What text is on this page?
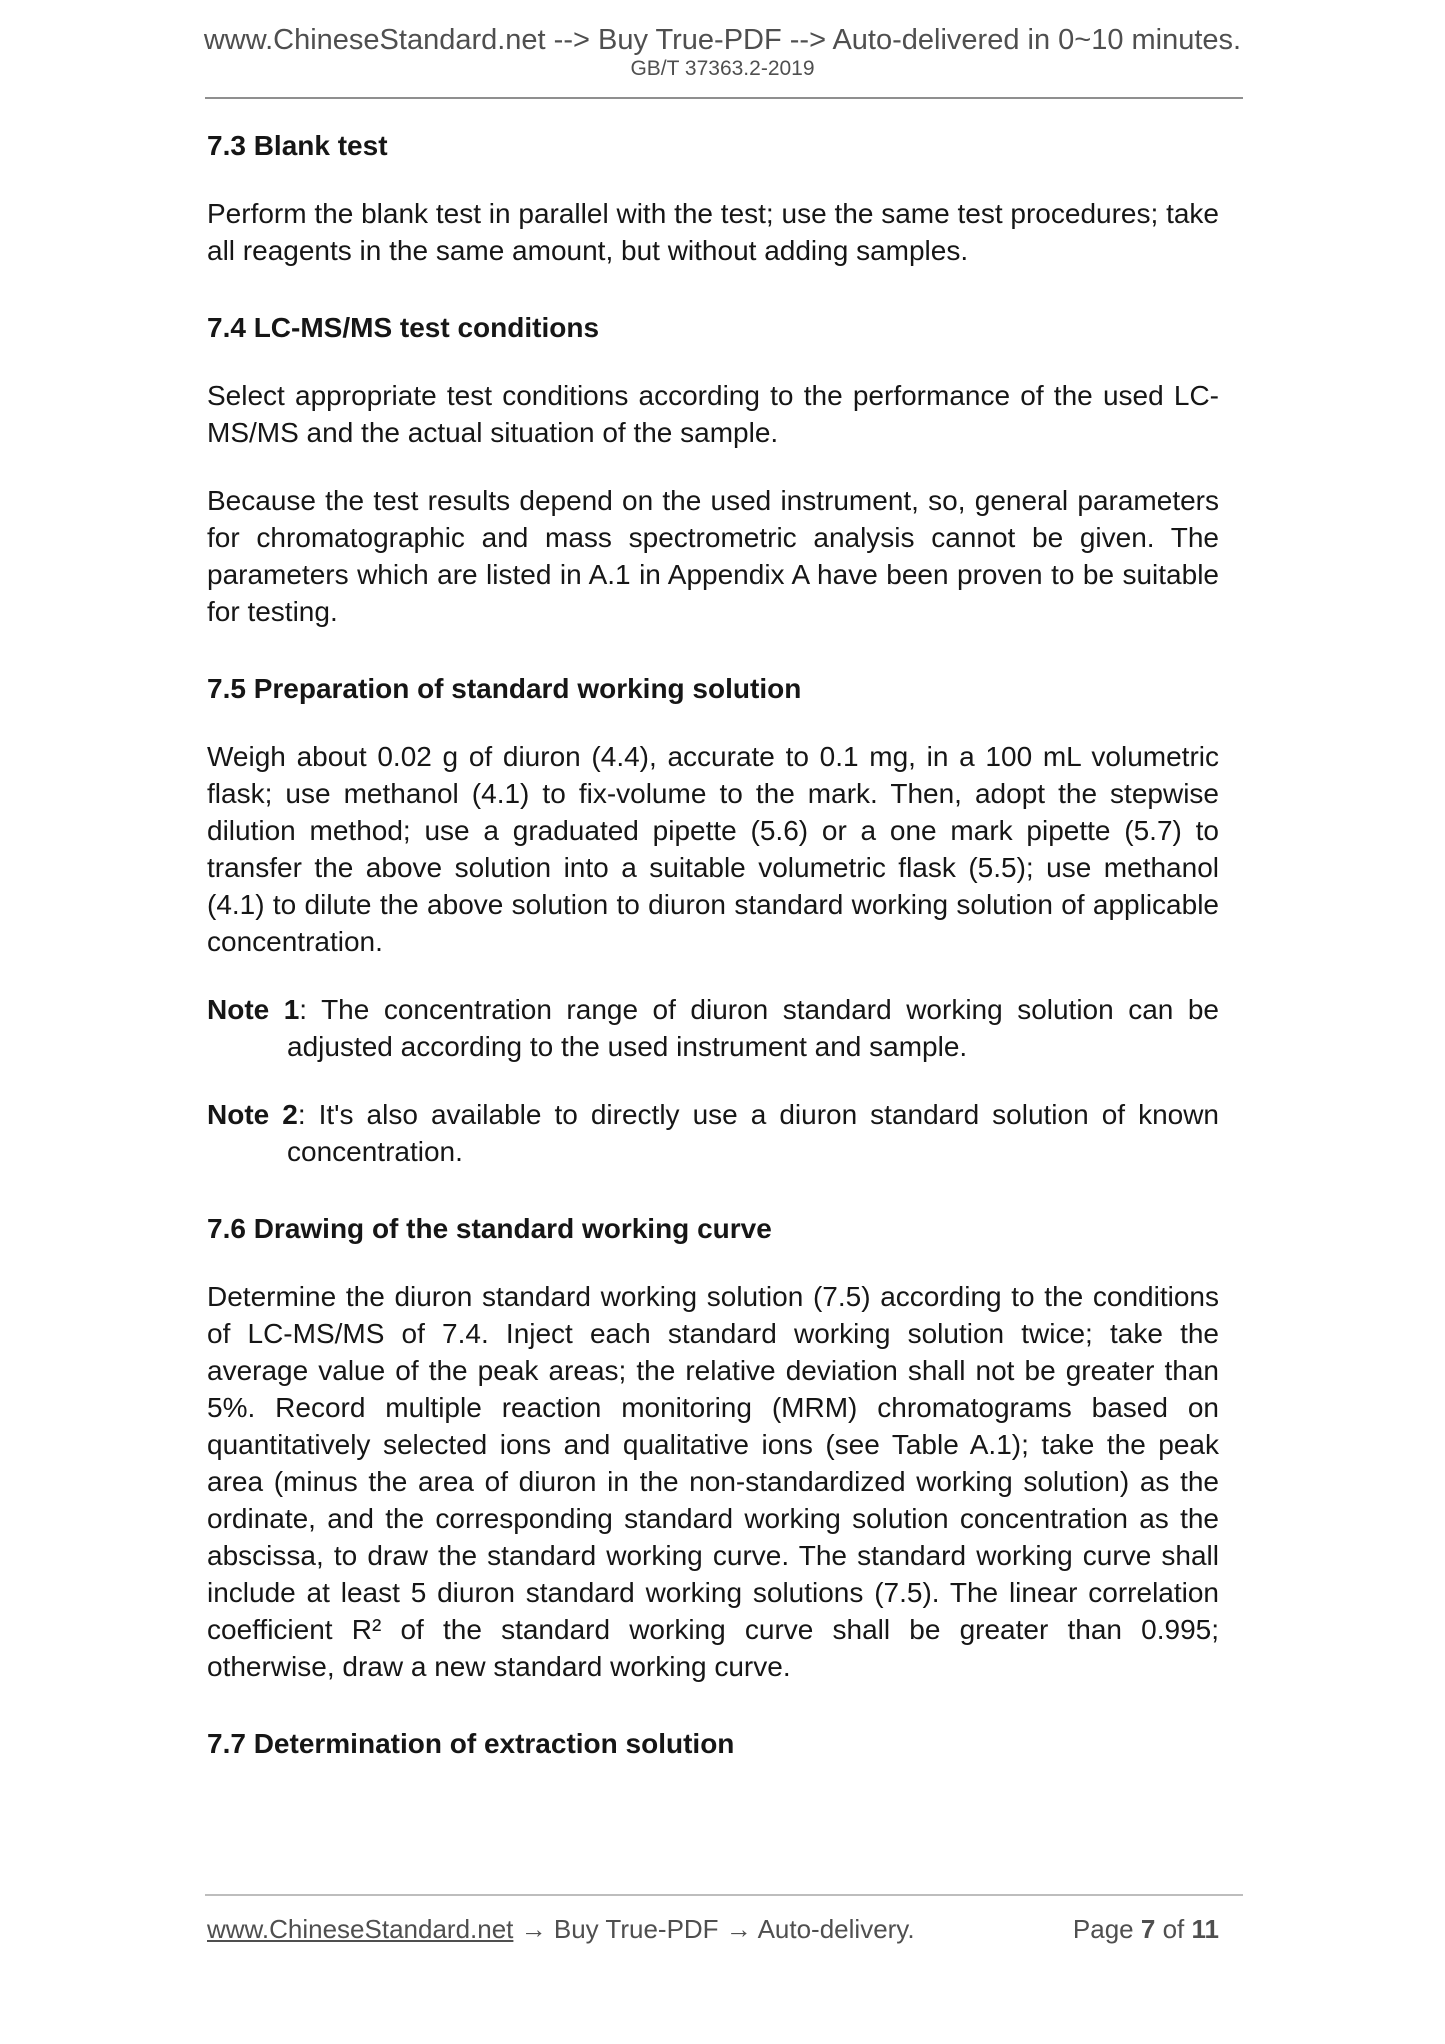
www.ChineseStandard.net --> Buy True-PDF --> Auto-delivered in 0~10 minutes.
GB/T 37363.2-2019
7.3 Blank test

Perform the blank test in parallel with the test; use the same test procedures; take all reagents in the same amount, but without adding samples.

7.4 LC-MS/MS test conditions

Select appropriate test conditions according to the performance of the used LC-MS/MS and the actual situation of the sample.

Because the test results depend on the used instrument, so, general parameters for chromatographic and mass spectrometric analysis cannot be given. The parameters which are listed in A.1 in Appendix A have been proven to be suitable for testing.

7.5 Preparation of standard working solution

Weigh about 0.02 g of diuron (4.4), accurate to 0.1 mg, in a 100 mL volumetric flask; use methanol (4.1) to fix-volume to the mark. Then, adopt the stepwise dilution method; use a graduated pipette (5.6) or a one mark pipette (5.7) to transfer the above solution into a suitable volumetric flask (5.5); use methanol (4.1) to dilute the above solution to diuron standard working solution of applicable concentration.

Note 1: The concentration range of diuron standard working solution can be adjusted according to the used instrument and sample.

Note 2: It's also available to directly use a diuron standard solution of known concentration.

7.6 Drawing of the standard working curve

Determine the diuron standard working solution (7.5) according to the conditions of LC-MS/MS of 7.4. Inject each standard working solution twice; take the average value of the peak areas; the relative deviation shall not be greater than 5%. Record multiple reaction monitoring (MRM) chromatograms based on quantitatively selected ions and qualitative ions (see Table A.1); take the peak area (minus the area of diuron in the non-standardized working solution) as the ordinate, and the corresponding standard working solution concentration as the abscissa, to draw the standard working curve. The standard working curve shall include at least 5 diuron standard working solutions (7.5). The linear correlation coefficient R² of the standard working curve shall be greater than 0.995; otherwise, draw a new standard working curve.

7.7 Determination of extraction solution
www.ChineseStandard.net → Buy True-PDF → Auto-delivery.	Page 7 of 11
